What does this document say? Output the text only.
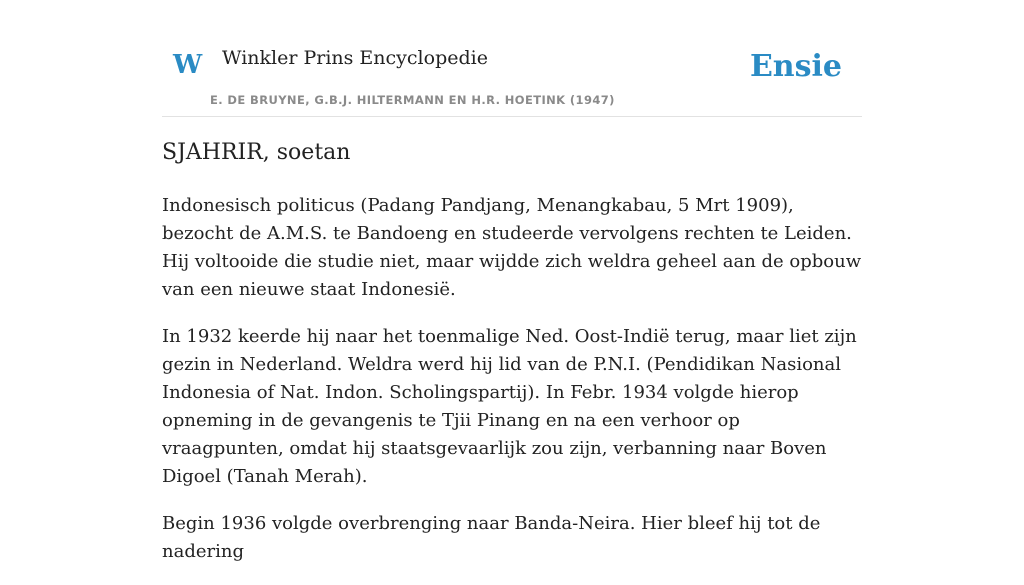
W Winkler Prins Encyclopedie
E. DE BRUYNE, G.B.J. HILTERMANN EN H.R. HOETINK (1947)
Ensie
SJAHRIR, soetan

Indonesisch politicus (Padang Pandjang, Menangkabau, 5 Mrt 1909), bezocht de A.M.S. te Bandoeng en studeerde vervolgens rechten te Leiden. Hij voltooide die studie niet, maar wijdde zich weldra geheel aan de opbouw van een nieuwe staat Indonesië.

In 1932 keerde hij naar het toenmalige Ned. Oost-Indië terug, maar liet zijn gezin in Nederland. Weldra werd hij lid van de P.N.I. (Pendidikan Nasional Indonesia of Nat. Indon. Scholingspartij). In Febr. 1934 volgde hierop opneming in de gevangenis te Tjii Pinang en na een verhoor op vraagpunten, omdat hij staatsgevaarlijk zou zijn, verbanning naar Boven Digoel (Tanah Merah).

Begin 1936 volgde overbrenging naar Banda-Neira. Hier bleef hij tot de nadering
